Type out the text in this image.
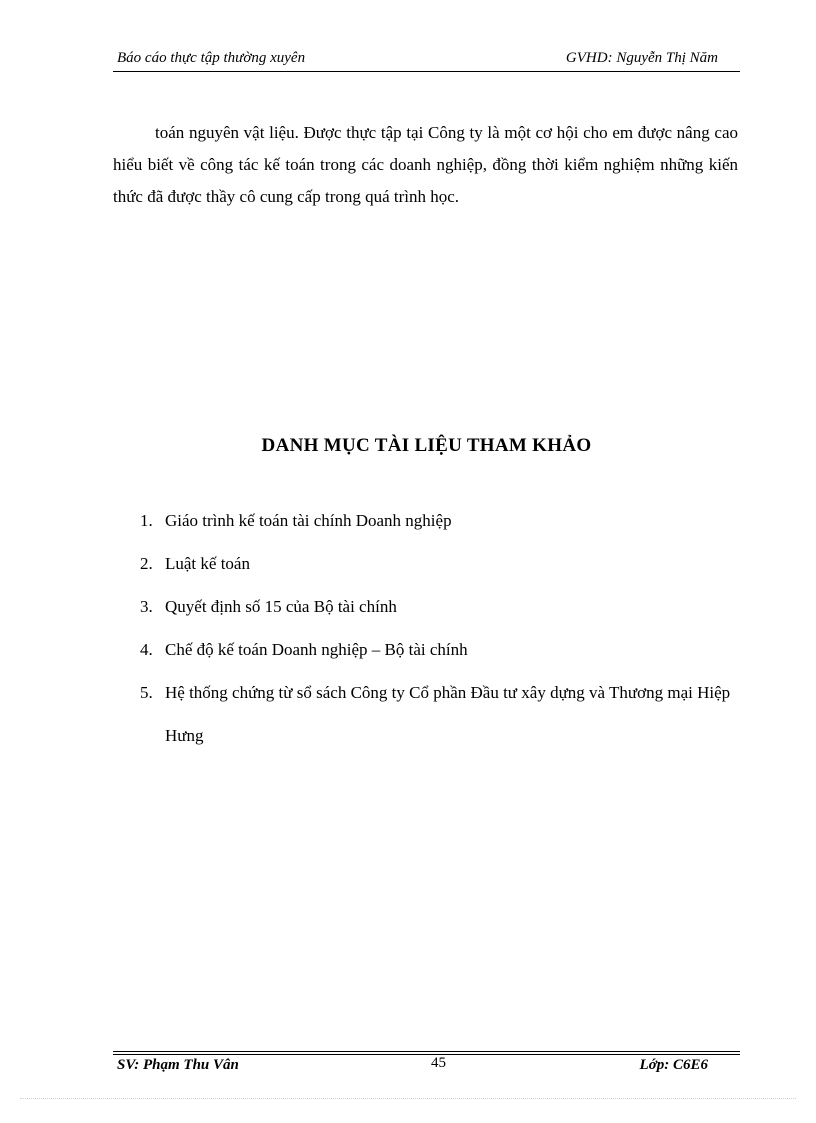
Báo cáo thực tập thường xuyên	GVHD: Nguyễn Thị Năm

toán nguyên vật liệu. Được thực tập tại Công ty là một cơ hội cho em được nâng cao hiểu biết về công tác kế toán trong các doanh nghiệp, đồng thời kiểm nghiệm những kiến thức đã được thầy cô cung cấp trong quá trình học.

DANH MỤC TÀI LIỆU THAM KHẢO
1. Giáo trình kế toán tài chính Doanh nghiệp
2. Luật kế toán
3. Quyết định số 15 của Bộ tài chính
4. Chế độ kế toán Doanh nghiệp – Bộ tài chính
5. Hệ thống chứng từ sổ sách Công ty Cổ phần Đầu tư xây dựng và Thương mại Hiệp Hưng
SV: Phạm Thu Vân	45	Lớp: C6E6
